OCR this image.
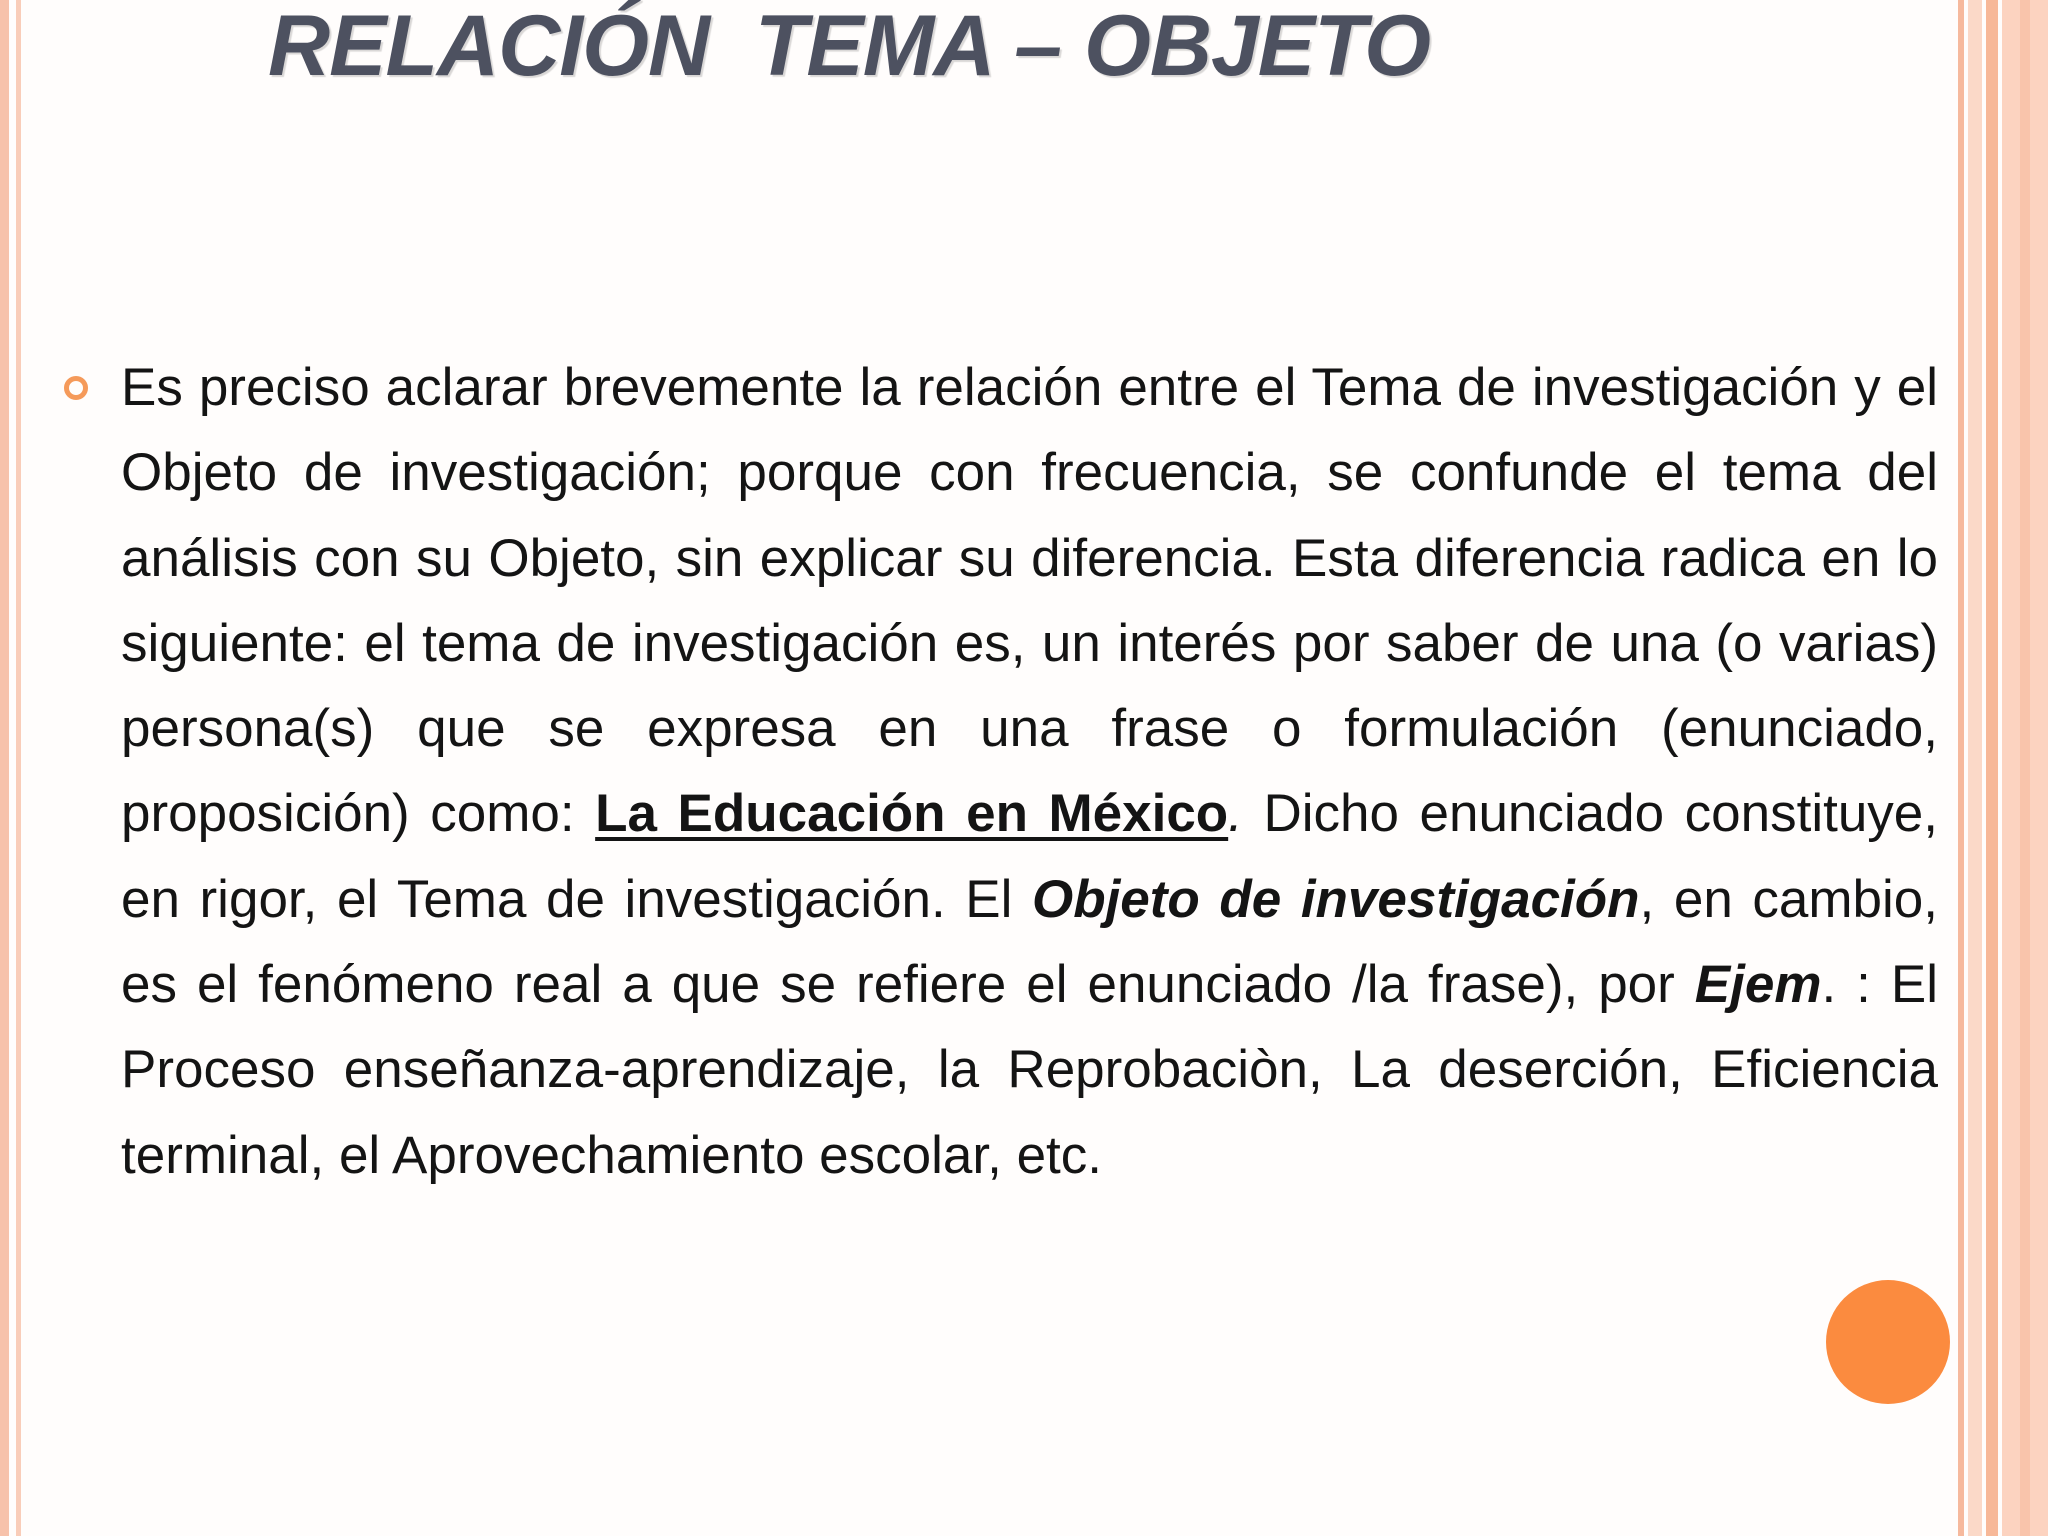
RELACIÓN  TEMA – OBJETO

Es preciso aclarar brevemente la relación entre el Tema de investigación y el Objeto de investigación; porque con frecuencia, se confunde el tema del análisis con su Objeto, sin explicar su diferencia. Esta diferencia radica en lo siguiente: el tema de investigación es, un interés por saber de una (o varias) persona(s) que se expresa en una frase o formulación (enunciado, proposición) como: La Educación en México. Dicho enunciado constituye, en rigor, el Tema de investigación. El Objeto de investigación, en cambio, es el fenómeno real a que se refiere el enunciado /la frase), por Ejem. : El Proceso enseñanza-aprendizaje, la Reprobaciòn, La deserción, Eficiencia terminal, el Aprovechamiento escolar, etc.
